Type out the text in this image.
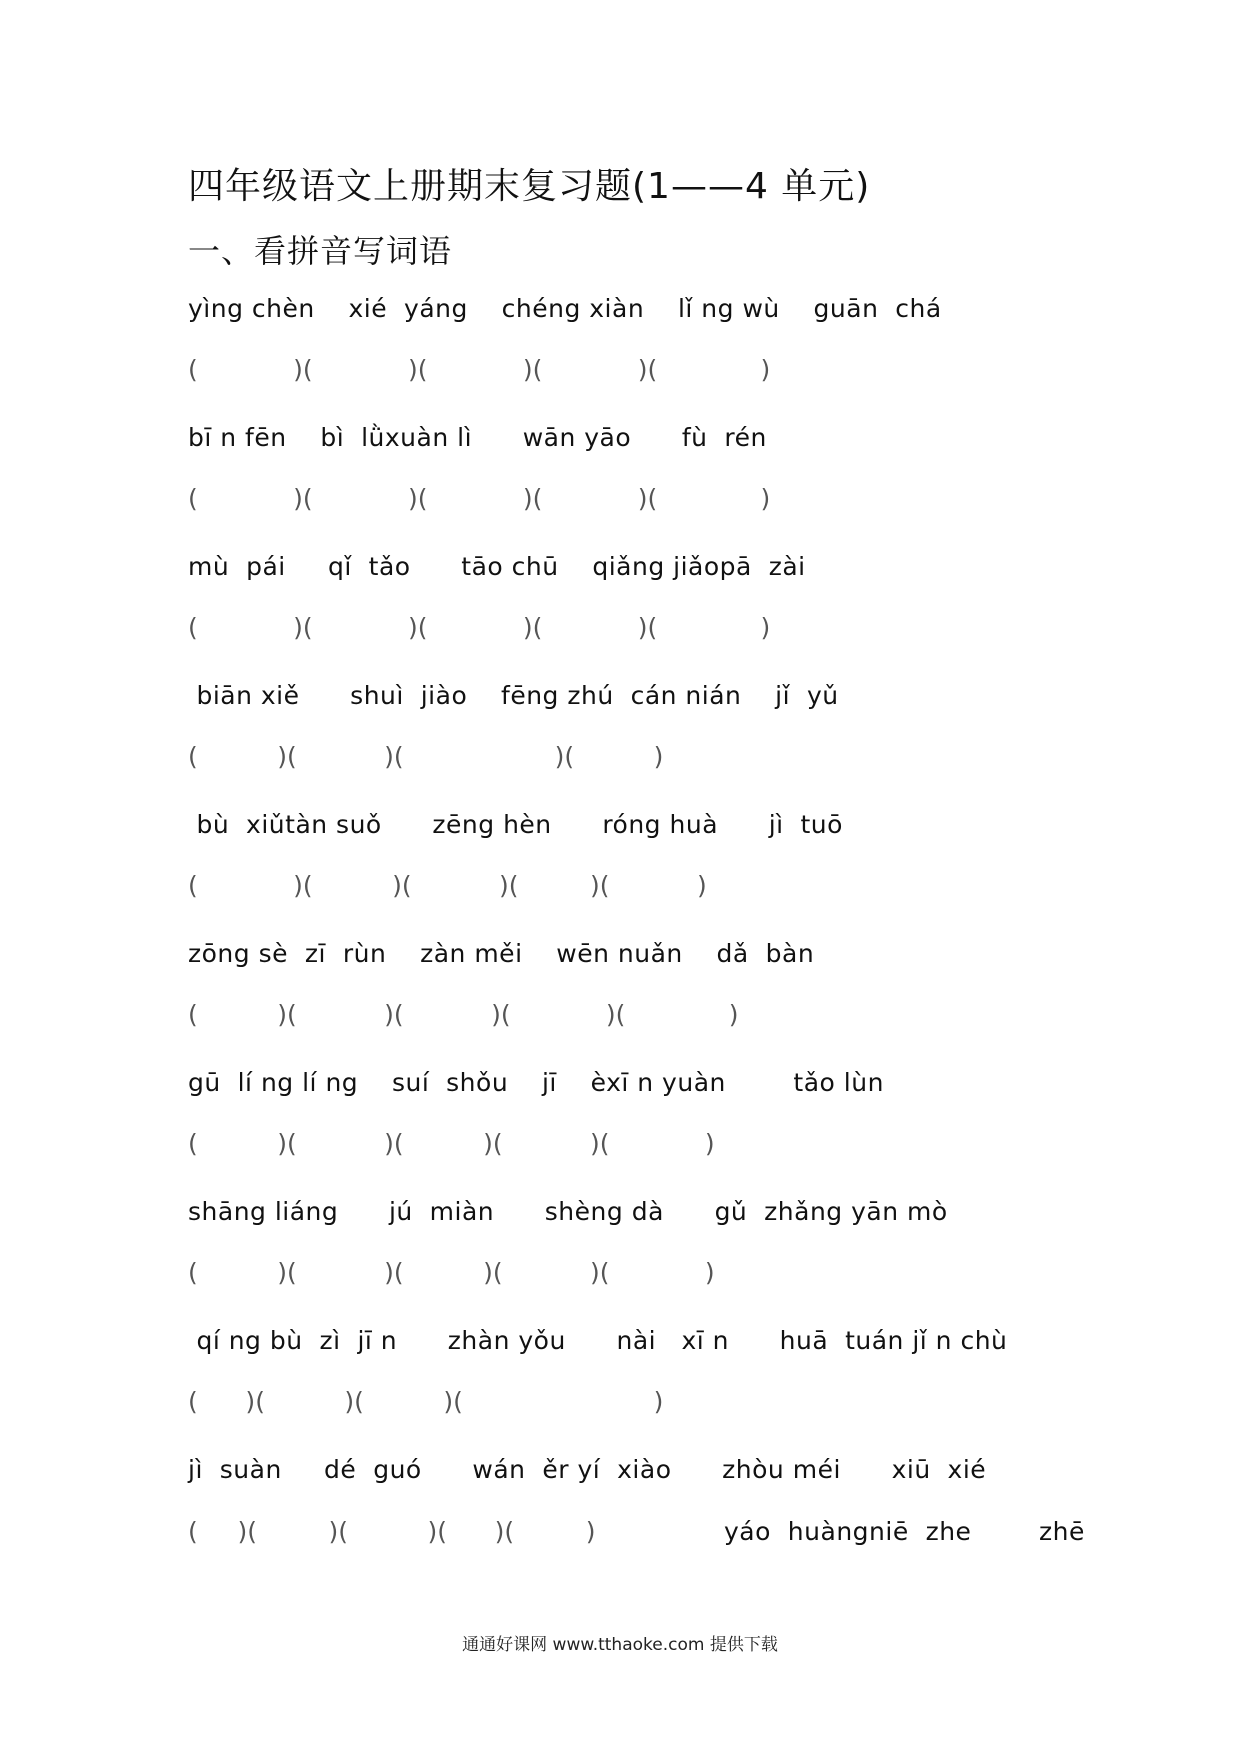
四年级语文上册期末复习题(1——4 单元)
一、看拼音写词语
yìng chèn    xié  yáng    chéng xiàn    lǐ ng wù    guān  chá
(            )(            )(            )(            )(             )
bī n fēn    bì  lǜxuàn lì      wān yāo      fù  rén
(            )(            )(            )(            )(             )
mù  pái     qǐ  tǎo      tāo chū    qiǎng jiǎopā  zài
(            )(            )(            )(            )(             )
biān xiě      shuì  jiào    fēng zhú  cán nián    jǐ  yǔ
(          )(           )(                   )(          )
bù  xiǔtàn suǒ      zēng hèn      róng huà      jì  tuō
(            )(          )(           )(         )(           )
zōng sè  zī  rùn    zàn měi    wēn nuǎn    dǎ  bàn
(          )(           )(           )(            )(             )
gū  lí ng lí ng    suí  shǒu    jī    èxī n yuàn        tǎo lùn
(          )(           )(          )(           )(            )
shāng liáng      jú  miàn      shèng dà      gǔ  zhǎng yān mò
(          )(           )(          )(           )(            )
qí ng bù  zì  jī n      zhàn yǒu      nài   xī n      huā  tuán jǐ n chù
(      )(          )(          )(                        )
jì  suàn     dé  guó      wán  ěr yí  xiào      zhòu méi      xiū  xié
(     )(         )(          )(      )(         )	yáo  huàngniē  zhe        zhē
通通好课网 www.tthaoke.com 提供下载
